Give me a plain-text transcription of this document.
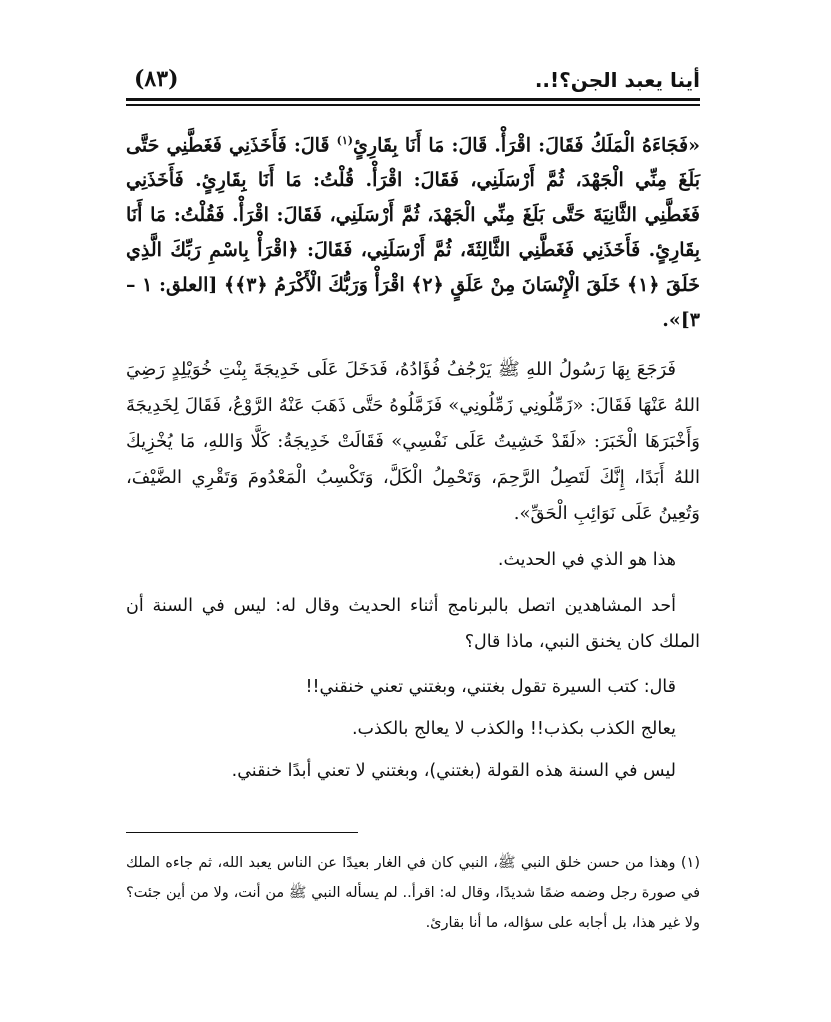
أينا يعبد الجن؟!..
(٨٣)
«فَجَاءَهُ الْمَلَكُ فَقَالَ: اقْرَأْ. قَالَ: مَا أَنَا بِقَارِئٍ$^{(١)}$ قَالَ: فَأَخَذَنِي فَغَطَّنِي حَتَّى بَلَغَ مِنِّي الْجَهْدَ، ثُمَّ أَرْسَلَنِي، فَقَالَ: اقْرَأْ. قُلْتُ: مَا أَنَا بِقَارِئٍ. فَأَخَذَنِي فَغَطَّنِي الثَّانِيَةَ حَتَّى بَلَغَ مِنِّي الْجَهْدَ، ثُمَّ أَرْسَلَنِي، فَقَالَ: اقْرَأْ. فَقُلْتُ: مَا أَنَا بِقَارِئٍ. فَأَخَذَنِي فَغَطَّنِي الثَّالِثَةَ، ثُمَّ أَرْسَلَنِي، فَقَالَ: ﴿اقْرَأْ بِاسْمِ رَبِّكَ الَّذِي خَلَقَ ﴿١﴾ خَلَقَ الْإِنْسَانَ مِنْ عَلَقٍ ﴿٢﴾ اقْرَأْ وَرَبُّكَ الْأَكْرَمُ ﴿٣﴾﴾ [العلق: ١ – ٣]».
فَرَجَعَ بِهَا رَسُولُ اللهِ ﷺ يَرْجُفُ فُؤَادُهُ، فَدَخَلَ عَلَى خَدِيجَةَ بِنْتِ خُوَيْلِدٍ رَضِيَ اللهُ عَنْهَا فَقَالَ: «زَمِّلُونِي زَمِّلُونِي» فَزَمَّلُوهُ حَتَّى ذَهَبَ عَنْهُ الرَّوْعُ، فَقَالَ لِخَدِيجَةَ وَأَخْبَرَهَا الْخَبَرَ: «لَقَدْ خَشِيتُ عَلَى نَفْسِي» فَقَالَتْ خَدِيجَةُ: كَلَّا وَاللهِ، مَا يُخْزِيكَ اللهُ أَبَدًا، إِنَّكَ لَتَصِلُ الرَّحِمَ، وَتَحْمِلُ الْكَلَّ، وَتَكْسِبُ الْمَعْدُومَ وَتَقْرِي الضَّيْفَ، وَتُعِينُ عَلَى نَوَائِبِ الْحَقِّ».
هذا هو الذي في الحديث.
أحد المشاهدين اتصل بالبرنامج أثناء الحديث وقال له: ليس في السنة أن الملك كان يخنق النبي، ماذا قال؟
قال: كتب السيرة تقول بغتني، وبغتني تعني خنقني!!
يعالج الكذب بكذب!! والكذب لا يعالج بالكذب.
ليس في السنة هذه القولة (بغتني)، وبغتني لا تعني أبدًا خنقني.
(١) وهذا من حسن خلق النبي ﷺ، النبي كان في الغار بعيدًا عن الناس يعبد الله، ثم جاءه الملك في صورة رجل وضمه ضمًا شديدًا، وقال له: اقرأ.. لم يسأله النبي ﷺ من أنت، ولا من أين جئت؟ ولا غير هذا، بل أجابه على سؤاله، ما أنا بقارئ.
